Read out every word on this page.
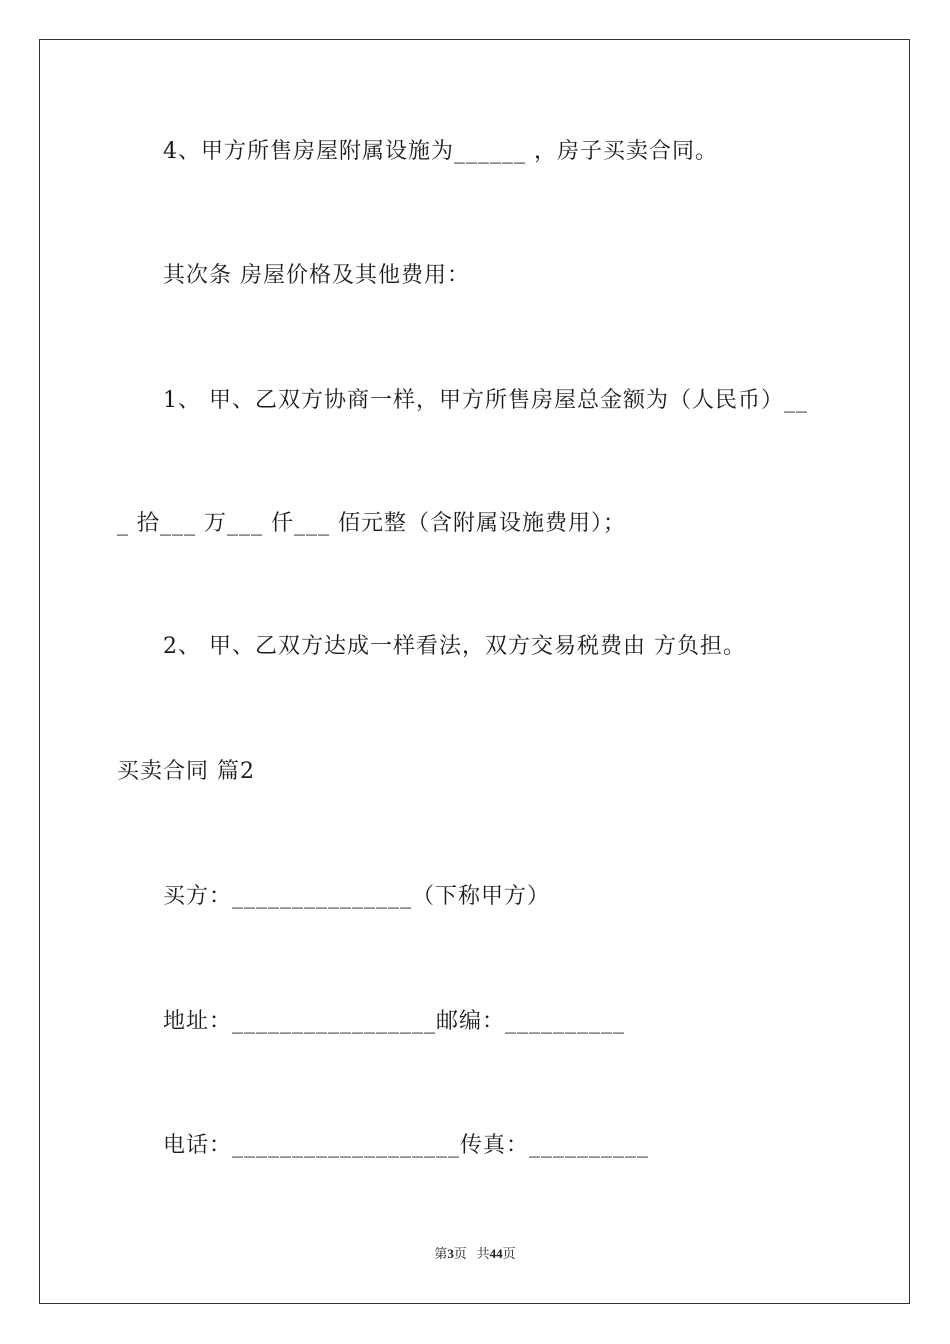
4、甲方所售房屋附属设施为______ ，房子买卖合同。
其次条 房屋价格及其他费用：
1、 甲、乙双方协商一样，甲方所售房屋总金额为（人民币）__
_ 拾___ 万___ 仟___ 佰元整（含附属设施费用）；
2、 甲、乙双方达成一样看法，双方交易税费由 方负担。
买卖合同 篇2
买方：_______________（下称甲方）
地址：_________________邮编：__________
电话：___________________传真：__________
第3页 共44页
